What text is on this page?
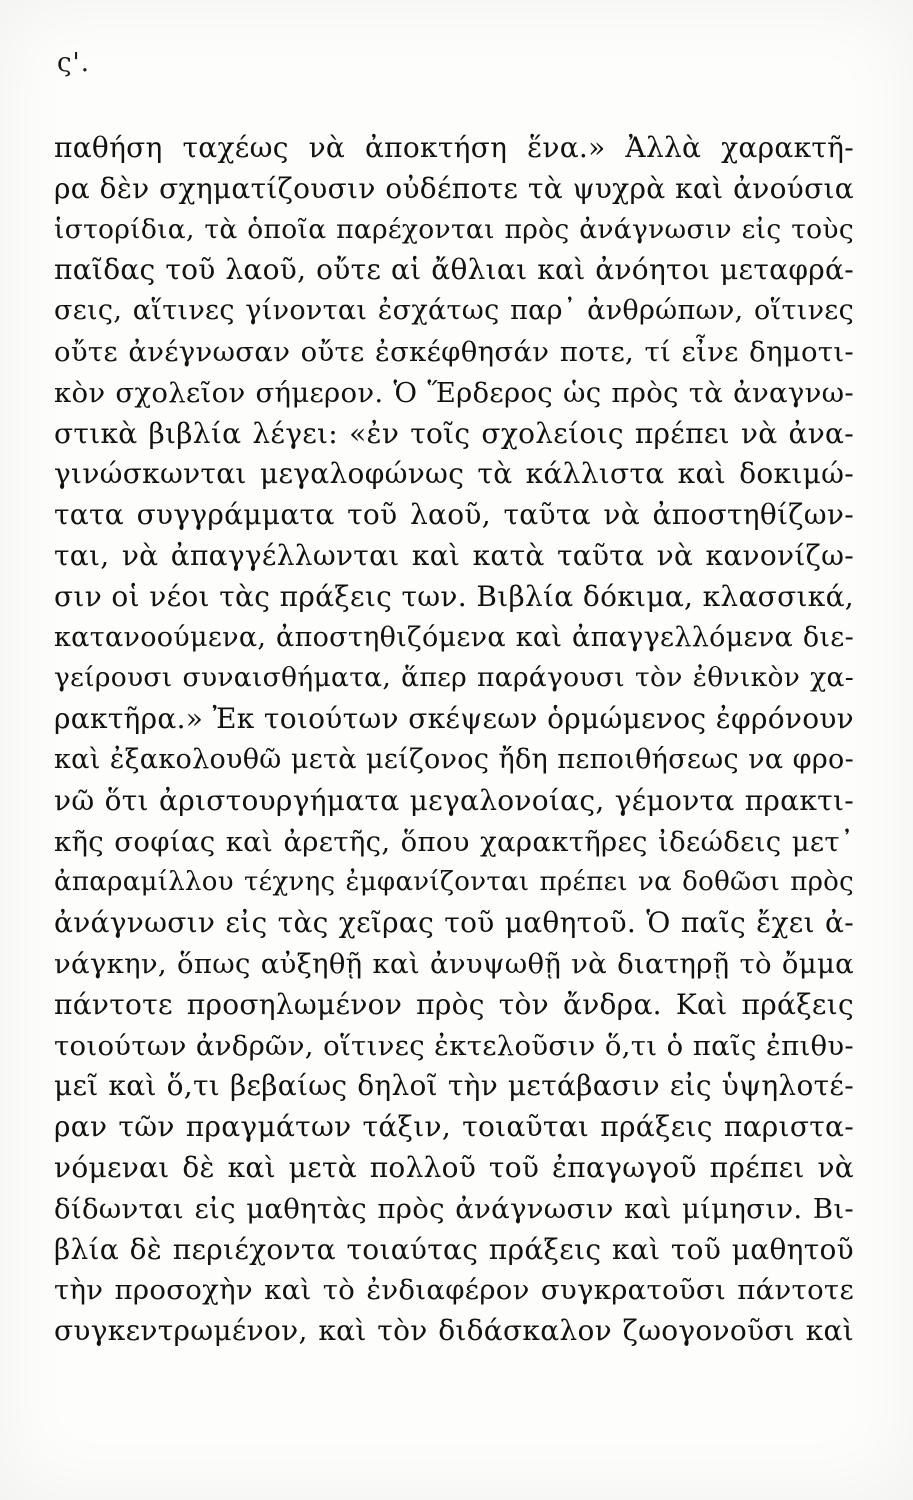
ς'.
παθήση ταχέως νὰ ἀποκτήση ἕνα.» Ἀλλὰ χαρακτῆ-
ρα δὲν σχηματίζουσιν οὐδέποτε τὰ ψυχρὰ καὶ ἀνούσια
ἱστορίδια, τὰ ὁποῖα παρέχονται πρὸς ἀνάγνωσιν εἰς τοὺς
παῖδας τοῦ λαοῦ, οὔτε αἱ ἄθλιαι καὶ ἀνόητοι μεταφρά-
σεις, αἵτινες γίνονται ἐσχάτως παρ᾽ ἀνθρώπων, οἵτινες
οὔτε ἀνέγνωσαν οὔτε ἐσκέφθησάν ποτε, τί εἶνε δημοτι-
κὸν σχολεῖον σήμερον. Ὁ Ἕρδερος ὡς πρὸς τὰ ἀναγνω-
στικὰ βιβλία λέγει: «ἐν τοῖς σχολείοις πρέπει νὰ ἀνα-
γινώσκωνται μεγαλοφώνως τὰ κάλλιστα καὶ δοκιμώ-
τατα συγγράμματα τοῦ λαοῦ, ταῦτα νὰ ἀποστηθίζων-
ται, νὰ ἀπαγγέλλωνται καὶ κατὰ ταῦτα νὰ κανονίζω-
σιν οἱ νέοι τὰς πράξεις των. Βιβλία δόκιμα, κλασσικά,
κατανοούμενα, ἀποστηθιζόμενα καὶ ἀπαγγελλόμενα διε-
γείρουσι συναισθήματα, ἅπερ παράγουσι τὸν ἐθνικὸν χα-
ρακτῆρα.» Ἐκ τοιούτων σκέψεων ὁρμώμενος ἐφρόνουν
καὶ ἐξακολουθῶ μετὰ μείζονος ἤδη πεποιθήσεως να φρο-
νῶ ὅτι ἀριστουργήματα μεγαλονοίας, γέμοντα πρακτι-
κῆς σοφίας καὶ ἀρετῆς, ὅπου χαρακτῆρες ἰδεώδεις μετ᾽
ἀπαραμίλλου τέχνης ἐμφανίζονται πρέπει να δοθῶσι πρὸς
ἀνάγνωσιν εἰς τὰς χεῖρας τοῦ μαθητοῦ. Ὁ παῖς ἔχει ἀ-
νάγκην, ὅπως αὐξηθῇ καὶ ἀνυψωθῇ νὰ διατηρῇ τὸ ὄμμα
πάντοτε προσηλωμένον πρὸς τὸν ἄνδρα. Καὶ πράξεις
τοιούτων ἀνδρῶν, οἵτινες ἐκτελοῦσιν ὅ,τι ὁ παῖς ἐπιθυ-
μεῖ καὶ ὅ,τι βεβαίως δηλοῖ τὴν μετάβασιν εἰς ὑψηλοτέ-
ραν τῶν πραγμάτων τάξιν, τοιαῦται πράξεις παριστα-
νόμεναι δὲ καὶ μετὰ πολλοῦ τοῦ ἐπαγωγοῦ πρέπει νὰ
δίδωνται εἰς μαθητὰς πρὸς ἀνάγνωσιν καὶ μίμησιν. Βι-
βλία δὲ περιέχοντα τοιαύτας πράξεις καὶ τοῦ μαθητοῦ
τὴν προσοχὴν καὶ τὸ ἐνδιαφέρον συγκρατοῦσι πάντοτε
συγκεντρωμένον, καὶ τὸν διδάσκαλον ζωογονοῦσι καὶ
